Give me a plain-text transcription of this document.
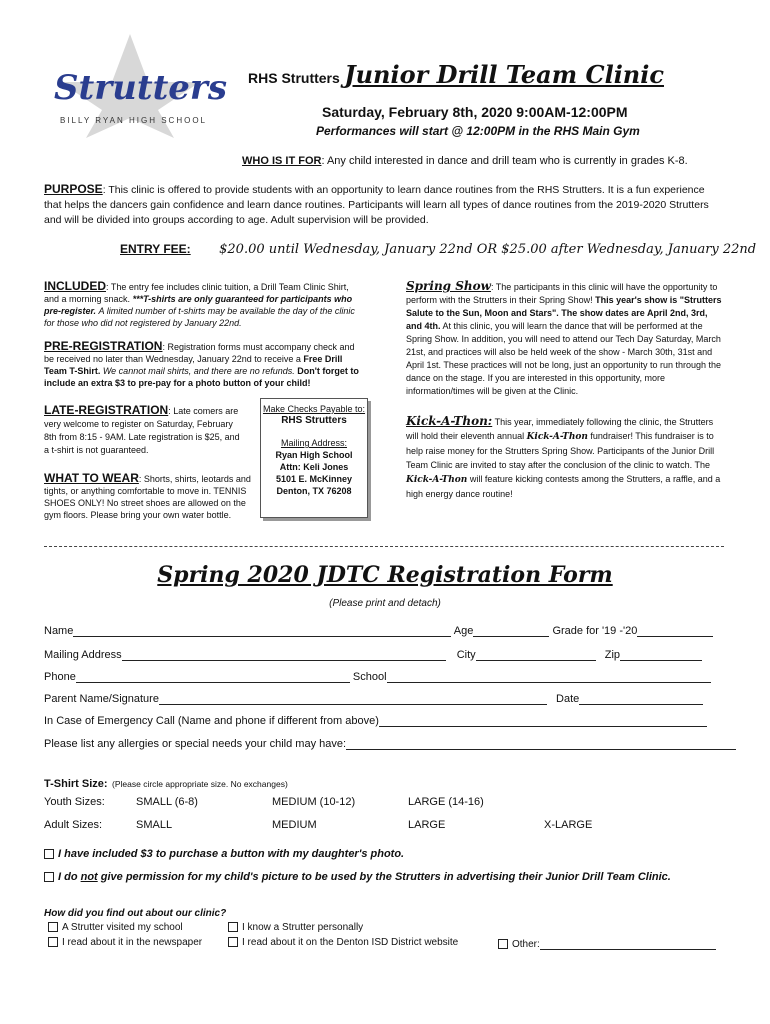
Strutters
BILLY RYAN HIGH SCHOOL
RHS Strutters Junior Drill Team Clinic
Saturday, February 8th, 2020 9:00AM-12:00PM
Performances will start @ 12:00PM in the RHS Main Gym
WHO IS IT FOR: Any child interested in dance and drill team who is currently in grades K-8.
PURPOSE: This clinic is offered to provide students with an opportunity to learn dance routines from the RHS Strutters. It is a fun experience that helps the dancers gain confidence and learn dance routines. Participants will learn all types of dance routines from the 2019-2020 Strutters and will be divided into groups according to age. Adult supervision will be provided.
ENTRY FEE: $20.00 until Wednesday, January 22nd OR $25.00 after Wednesday, January 22nd
INCLUDED: The entry fee includes clinic tuition, a Drill Team Clinic Shirt, and a morning snack. ***T-shirts are only guaranteed for participants who pre-register. A limited number of t-shirts may be available the day of the clinic for those who did not registered by January 22nd.
PRE-REGISTRATION: Registration forms must accompany check and be received no later than Wednesday, January 22nd to receive a Free Drill Team T-Shirt. We cannot mail shirts, and there are no refunds. Don't forget to include an extra $3 to pre-pay for a photo button of your child!
LATE-REGISTRATION: Late comers are very welcome to register on Saturday, February 8th from 8:15 - 9AM. Late registration is $25, and a t-shirt is not guaranteed.
WHAT TO WEAR: Shorts, shirts, leotards and tights, or anything comfortable to move in. TENNIS SHOES ONLY! No street shoes are allowed on the gym floors. Please bring your own water bottle.
Make Checks Payable to:
RHS Strutters
Mailing Address:
Ryan High School
Attn: Keli Jones
5101 E. McKinney
Denton, TX 76208
Spring Show: The participants in this clinic will have the opportunity to perform with the Strutters in their Spring Show! This year's show is "Strutters Salute to the Sun, Moon and Stars". The show dates are April 2nd, 3rd, and 4th. At this clinic, you will learn the dance that will be performed at the Spring Show. In addition, you will need to attend our Tech Day Saturday, March 21st, and practices will also be held week of the show - March 30th, 31st and April 1st. These practices will not be long, just an opportunity to run through the dance on the stage. If you are interested in this opportunity, more information/times will be given at the Clinic.
Kick-A-Thon: This year, immediately following the clinic, the Strutters will hold their eleventh annual Kick-A-Thon fundraiser! This fundraiser is to help raise money for the Strutters Spring Show. Participants of the Junior Drill Team Clinic are invited to stay after the conclusion of the clinic to watch. The Kick-A-Thon will feature kicking contests among the Strutters, a raffle, and a high energy dance routine!
Spring 2020 JDTC Registration Form
(Please print and detach)
Name	Age	Grade for '19 -'20
Mailing Address	City	Zip
Phone	School
Parent Name/Signature	Date
In Case of Emergency Call (Name and phone if different from above)
Please list any allergies or special needs your child may have:
T-Shirt Size: (Please circle appropriate size. No exchanges)
Youth Sizes:	SMALL (6-8)	MEDIUM (10-12)	LARGE (14-16)
Adult Sizes:	SMALL	MEDIUM	LARGE	X-LARGE
I have included $3 to purchase a button with my daughter's photo.
I do not give permission for my child's picture to be used by the Strutters in advertising their Junior Drill Team Clinic.
How did you find out about our clinic?
A Strutter visited my school	I know a Strutter personally
I read about it in the newspaper	I read about it on the Denton ISD District website	Other:
